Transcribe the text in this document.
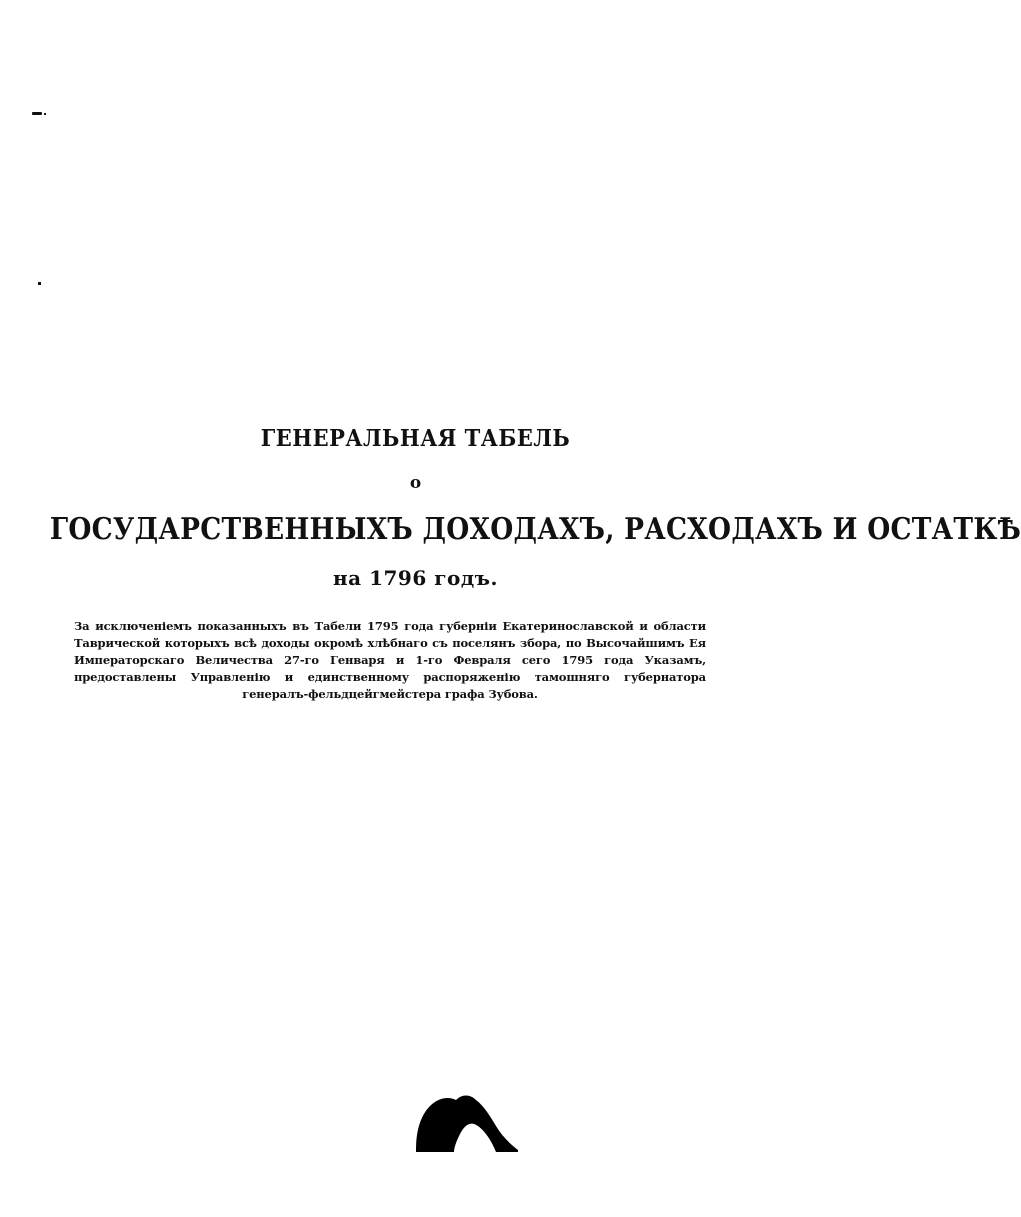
ГЕНЕРАЛЬНАЯ ТАБЕЛЬ
о
ГОСУДАРСТВЕННЫХЪ ДОХОДАХЪ, РАСХОДАХЪ И ОСТАТКѢ
на 1796 годъ.
За исключеніемъ показанныхъ въ Табели 1795 года губерніи Екатеринославской и области Таврической которыхъ всѣ доходы окромѣ хлѣбнаго съ поселянъ збора, по Высочайшимъ Ея Императорскаго Величества 27-го Генваря и 1-го Февраля сего 1795 года Указамъ, предоставлены Управленію и единственному распоряженію тамошняго губернатора генералъ-фельдцейгмейстера графа Зубова.
